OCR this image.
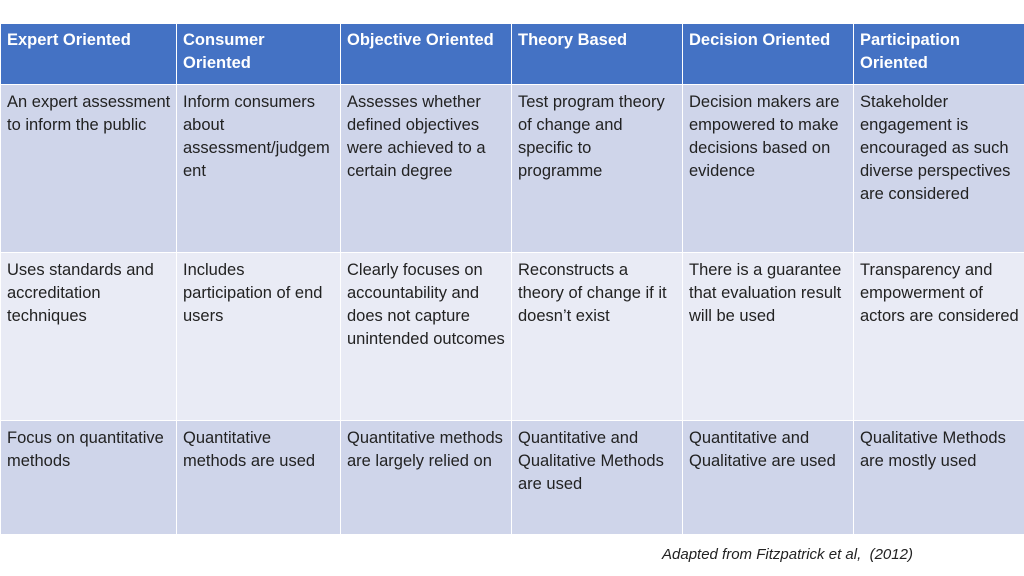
Expert Oriented	Consumer Oriented	Objective Oriented	Theory Based	Decision Oriented	Participation Oriented
An expert assessment to inform the public	Inform consumers about assessment/judgement	Assesses whether defined objectives were achieved to a certain degree	Test program theory of change and specific to programme	Decision makers are empowered to make decisions based on evidence	Stakeholder engagement is encouraged as such diverse perspectives are considered
Uses standards and accreditation techniques	Includes participation of end users	Clearly focuses on accountability and does not capture unintended outcomes	Reconstructs a theory of change if it doesn’t exist	There is a guarantee that evaluation result will be used	Transparency and empowerment of actors are considered
Focus on quantitative methods	Quantitative methods are used	Quantitative methods are largely relied on	Quantitative and Qualitative Methods are used	Quantitative and Qualitative are used	Qualitative Methods are mostly used
Adapted from Fitzpatrick et al,  (2012)
